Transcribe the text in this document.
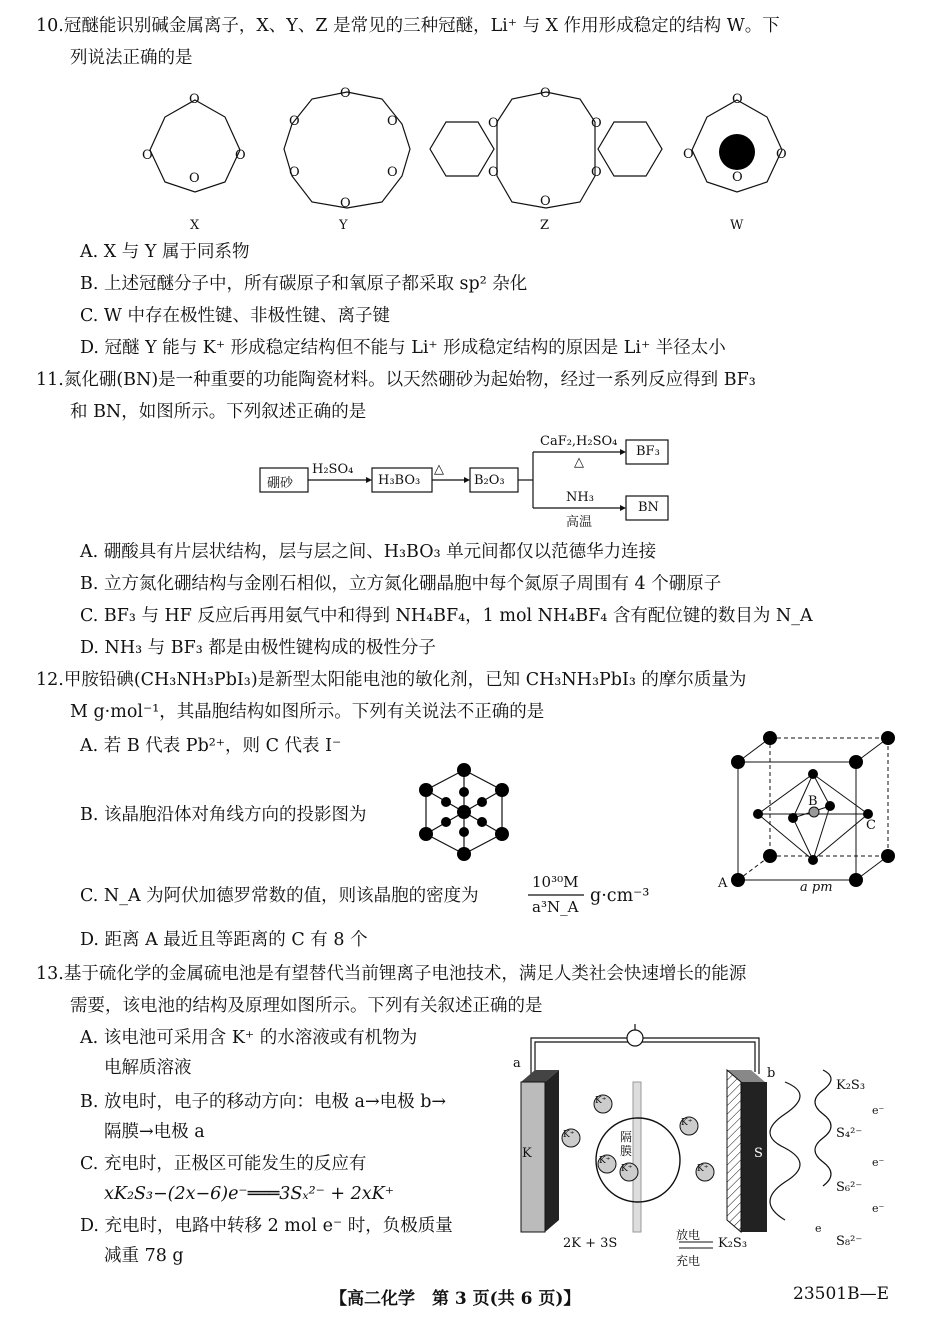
10.冠醚能识别碱金属离子，X、Y、Z 是常见的三种冠醚，Li⁺ 与 X 作用形成稳定的结构 W。下
列说法正确的是
O
O	O
O
X
O
O	O
O	O
O
Y
O
O	O
O	O
O
Z
O
O	O
O
W
A. X 与 Y 属于同系物
B. 上述冠醚分子中，所有碳原子和氧原子都采取 sp² 杂化
C. W 中存在极性键、非极性键、离子键
D. 冠醚 Y 能与 K⁺ 形成稳定结构但不能与 Li⁺ 形成稳定结构的原因是 Li⁺ 半径太小
11.氮化硼(BN)是一种重要的功能陶瓷材料。以天然硼砂为起始物，经过一系列反应得到 BF₃
和 BN，如图所示。下列叙述正确的是
硼砂
H₂SO₄
H₃BO₃
△
B₂O₃
CaF₂,H₂SO₄
△
BF₃
NH₃
高温
BN
A. 硼酸具有片层状结构，层与层之间、H₃BO₃ 单元间都仅以范德华力连接
B. 立方氮化硼结构与金刚石相似，立方氮化硼晶胞中每个氮原子周围有 4 个硼原子
C. BF₃ 与 HF 反应后再用氨气中和得到 NH₄BF₄，1 mol NH₄BF₄ 含有配位键的数目为 N_A
D. NH₃ 与 BF₃ 都是由极性键构成的极性分子
12.甲胺铅碘(CH₃NH₃PbI₃)是新型太阳能电池的敏化剂，已知 CH₃NH₃PbI₃ 的摩尔质量为
M g·mol⁻¹，其晶胞结构如图所示。下列有关说法不正确的是
A. 若 B 代表 Pb²⁺，则 C 代表 I⁻
B. 该晶胞沿体对角线方向的投影图为
C. N_A 为阿伏加德罗常数的值，则该晶胞的密度为
10³⁰M
a³N_A
g·cm⁻³
D. 距离 A 最近且等距离的 C 有 8 个
A
B
C
a pm
13.基于硫化学的金属硫电池是有望替代当前锂离子电池技术，满足人类社会快速增长的能源
需要，该电池的结构及原理如图所示。下列有关叙述正确的是
A. 该电池可采用含 K⁺ 的水溶液或有机物为
电解质溶液
B. 放电时，电子的移动方向：电极 a→电极 b→
隔膜→电极 a
C. 充电时，正极区可能发生的反应有
xK₂S₃−(2x−6)e⁻═══3Sₓ²⁻ + 2xK⁺
D. 充电时，电路中转移 2 mol e⁻ 时，负极质量
减重 78 g
a
b
K	S
K⁺
K⁺
K⁺
K⁺
K⁺
K⁺
隔膜
K₂S₃
e⁻
S₄²⁻
e⁻
S₆²⁻
e⁻
S₈²⁻
e
2K + 3S
放电
充电
K₂S₃
【高二化学　第 3 页(共 6 页)】	23501B—E
